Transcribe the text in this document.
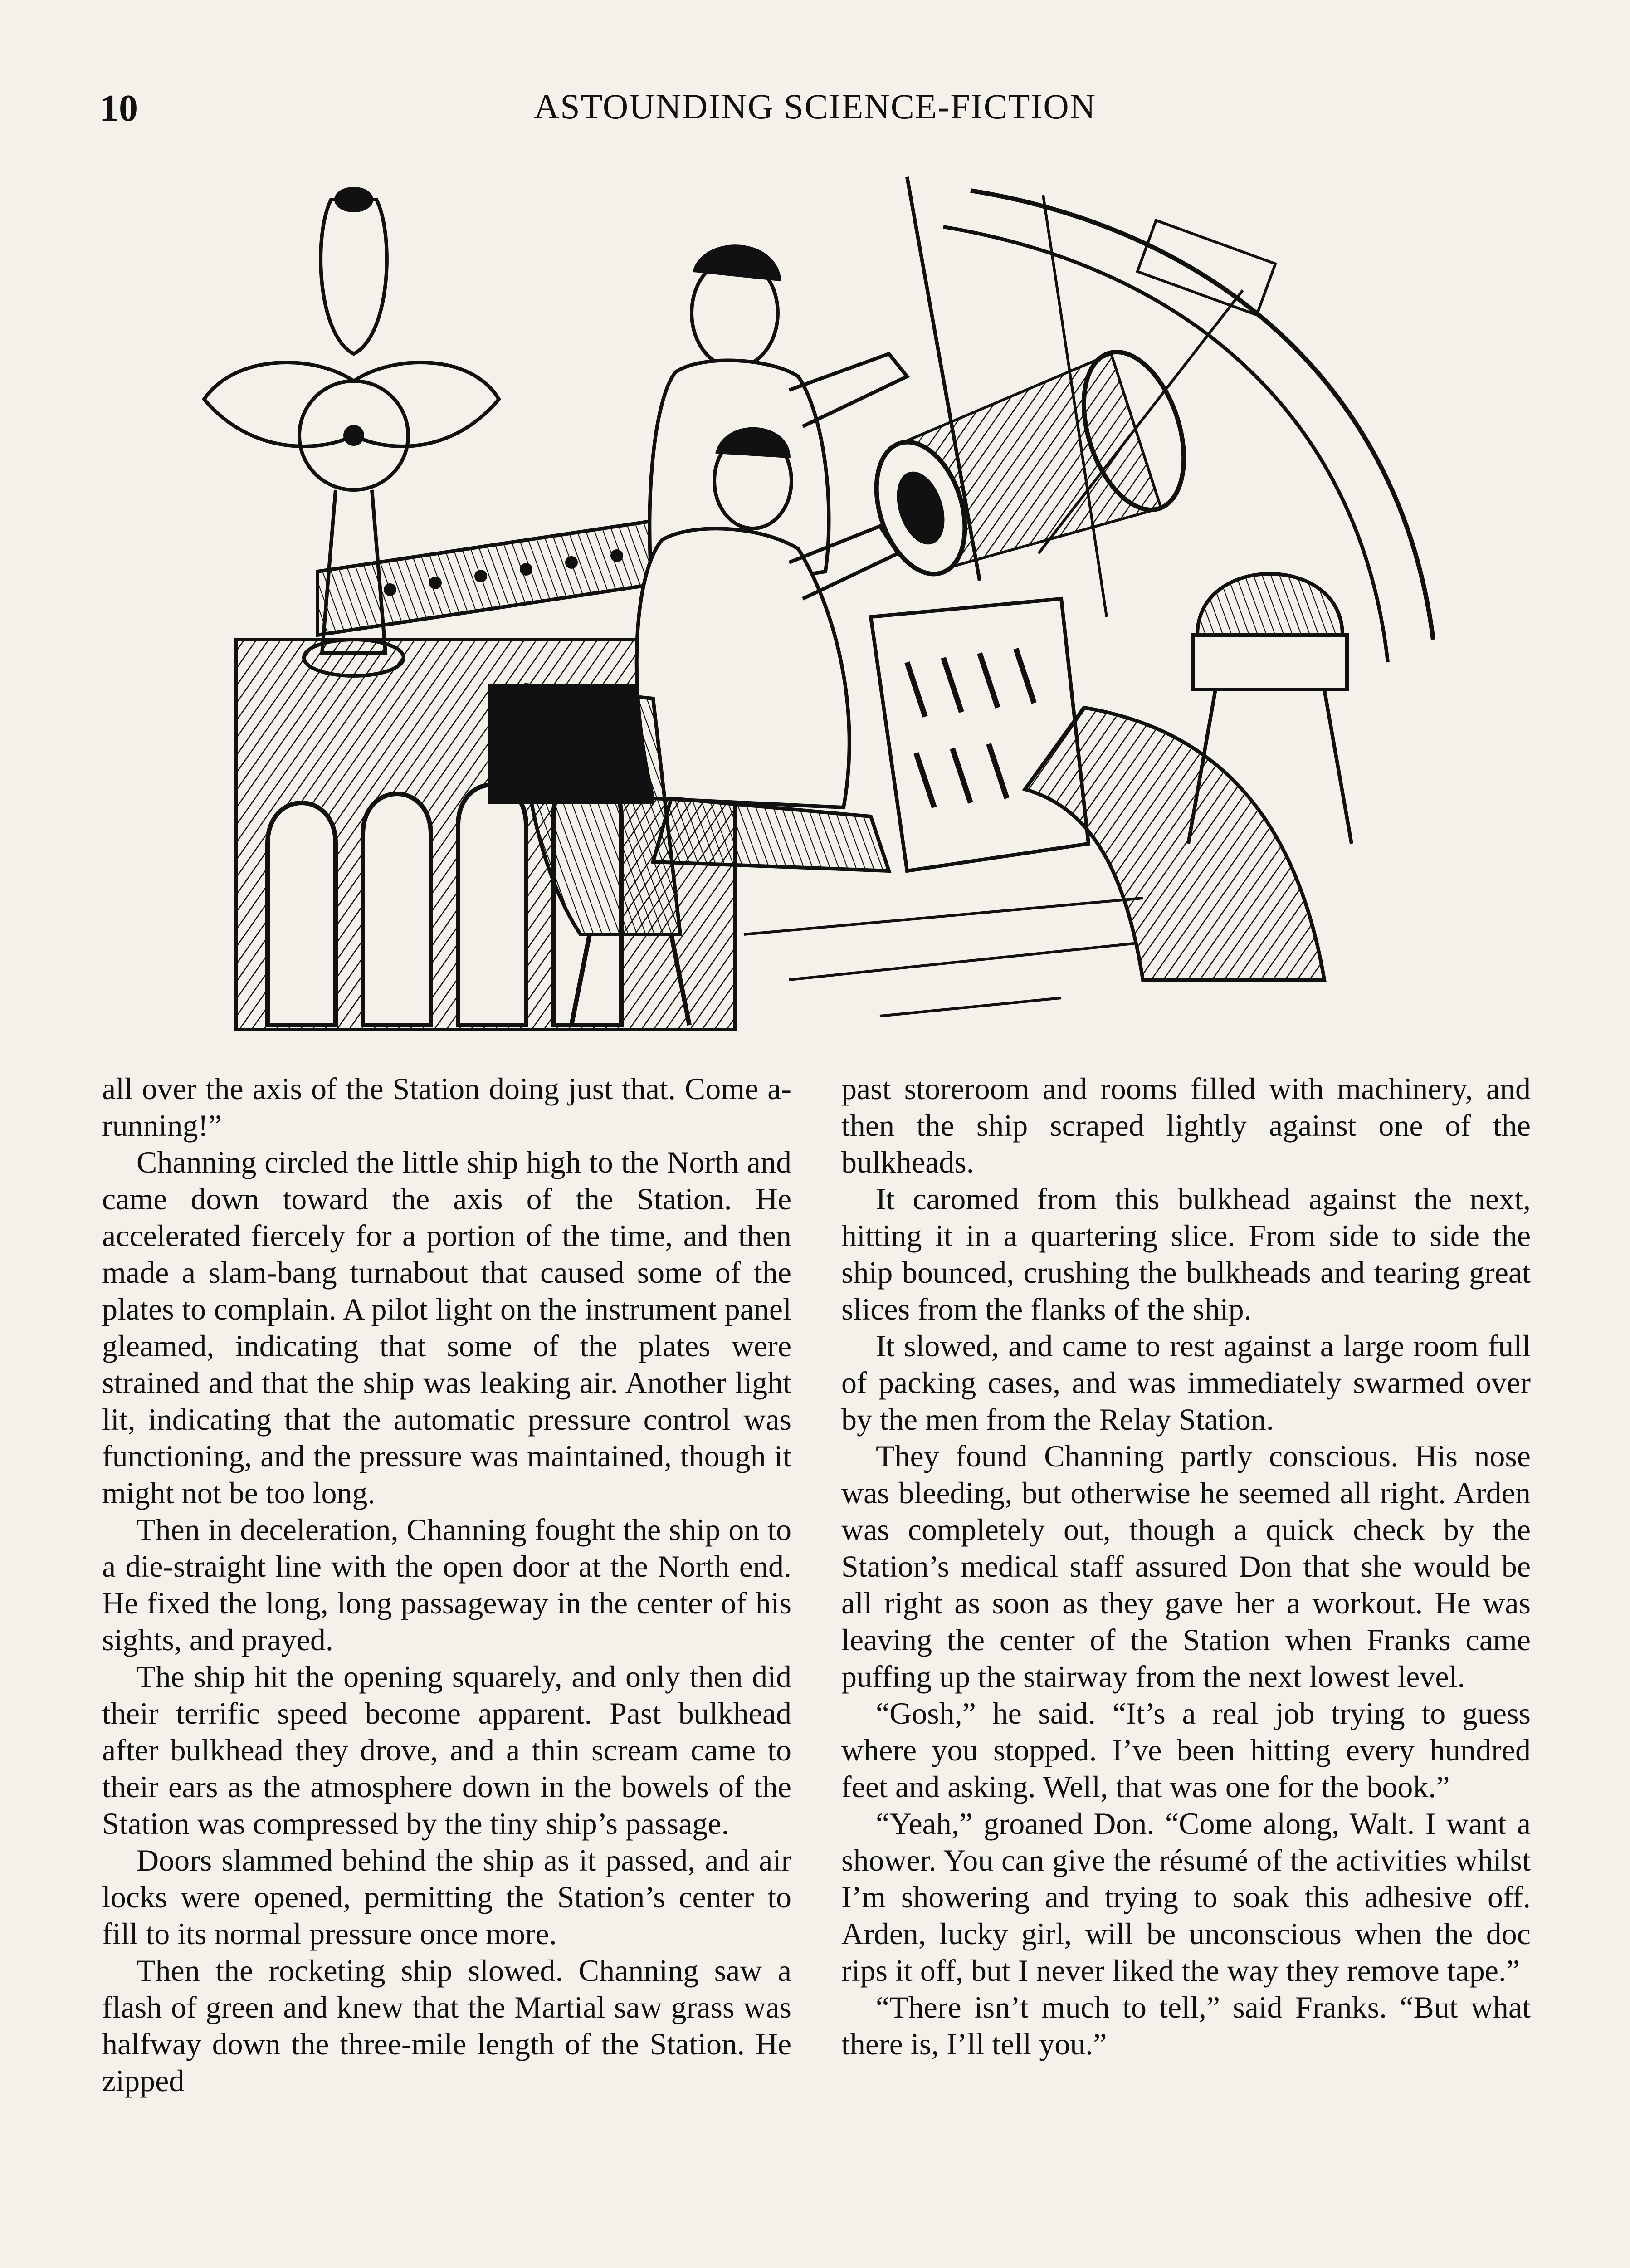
10	ASTOUNDING SCIENCE-FICTION

all over the axis of the Station doing just that. Come a-running!”

Channing circled the little ship high to the North and came down toward the axis of the Station. He accelerated fiercely for a portion of the time, and then made a slam-bang turnabout that caused some of the plates to complain. A pilot light on the instrument panel gleamed, indicating that some of the plates were strained and that the ship was leaking air. Another light lit, indicating that the automatic pressure control was functioning, and the pressure was maintained, though it might not be too long.

Then in deceleration, Channing fought the ship on to a die-straight line with the open door at the North end. He fixed the long, long passageway in the center of his sights, and prayed.

The ship hit the opening squarely, and only then did their terrific speed become apparent. Past bulkhead after bulkhead they drove, and a thin scream came to their ears as the atmosphere down in the bowels of the Station was compressed by the tiny ship’s passage.

Doors slammed behind the ship as it passed, and air locks were opened, permitting the Station’s center to fill to its normal pressure once more.

Then the rocketing ship slowed. Channing saw a flash of green and knew that the Martial saw grass was halfway down the three-mile length of the Station. He zipped

past storeroom and rooms filled with machinery, and then the ship scraped lightly against one of the bulkheads.

It caromed from this bulkhead against the next, hitting it in a quartering slice. From side to side the ship bounced, crushing the bulkheads and tearing great slices from the flanks of the ship.

It slowed, and came to rest against a large room full of packing cases, and was immediately swarmed over by the men from the Relay Station.

They found Channing partly conscious. His nose was bleeding, but otherwise he seemed all right. Arden was completely out, though a quick check by the Station’s medical staff assured Don that she would be all right as soon as they gave her a workout. He was leaving the center of the Station when Franks came puffing up the stairway from the next lowest level.

“Gosh,” he said. “It’s a real job trying to guess where you stopped. I’ve been hitting every hundred feet and asking. Well, that was one for the book.”

“Yeah,” groaned Don. “Come along, Walt. I want a shower. You can give the résumé of the activities whilst I’m showering and trying to soak this adhesive off. Arden, lucky girl, will be unconscious when the doc rips it off, but I never liked the way they remove tape.”

“There isn’t much to tell,” said Franks. “But what there is, I’ll tell you.”
